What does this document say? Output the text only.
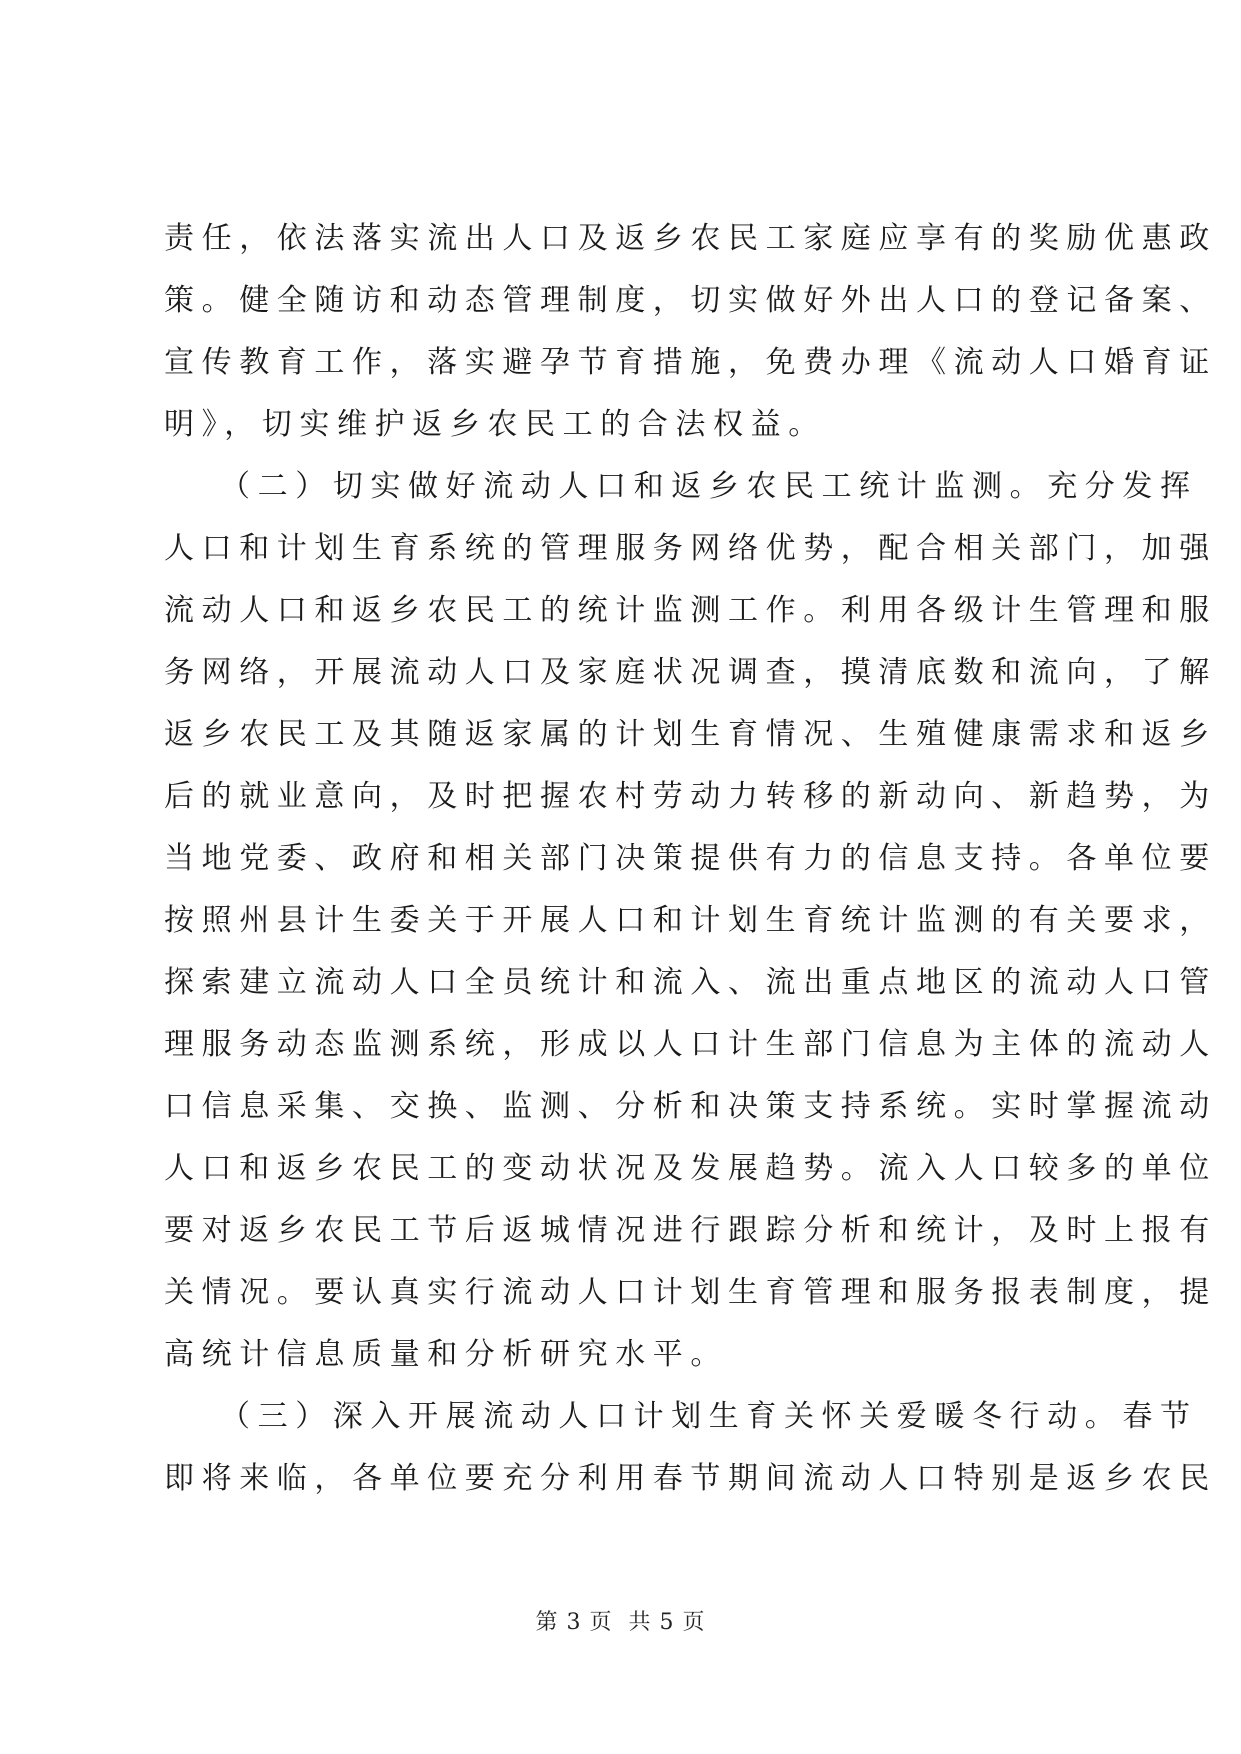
责任，依法落实流出人口及返乡农民工家庭应享有的奖励优惠政
策。健全随访和动态管理制度，切实做好外出人口的登记备案、
宣传教育工作，落实避孕节育措施，免费办理《流动人口婚育证
明》，切实维护返乡农民工的合法权益。
（二）切实做好流动人口和返乡农民工统计监测。充分发挥
人口和计划生育系统的管理服务网络优势，配合相关部门，加强
流动人口和返乡农民工的统计监测工作。利用各级计生管理和服
务网络，开展流动人口及家庭状况调查，摸清底数和流向，了解
返乡农民工及其随返家属的计划生育情况、生殖健康需求和返乡
后的就业意向，及时把握农村劳动力转移的新动向、新趋势，为
当地党委、政府和相关部门决策提供有力的信息支持。各单位要
按照州县计生委关于开展人口和计划生育统计监测的有关要求，
探索建立流动人口全员统计和流入、流出重点地区的流动人口管
理服务动态监测系统，形成以人口计生部门信息为主体的流动人
口信息采集、交换、监测、分析和决策支持系统。实时掌握流动
人口和返乡农民工的变动状况及发展趋势。流入人口较多的单位
要对返乡农民工节后返城情况进行跟踪分析和统计，及时上报有
关情况。要认真实行流动人口计划生育管理和服务报表制度，提
高统计信息质量和分析研究水平。
（三）深入开展流动人口计划生育关怀关爱暖冬行动。春节
即将来临，各单位要充分利用春节期间流动人口特别是返乡农民
第 3 页  共 5 页
